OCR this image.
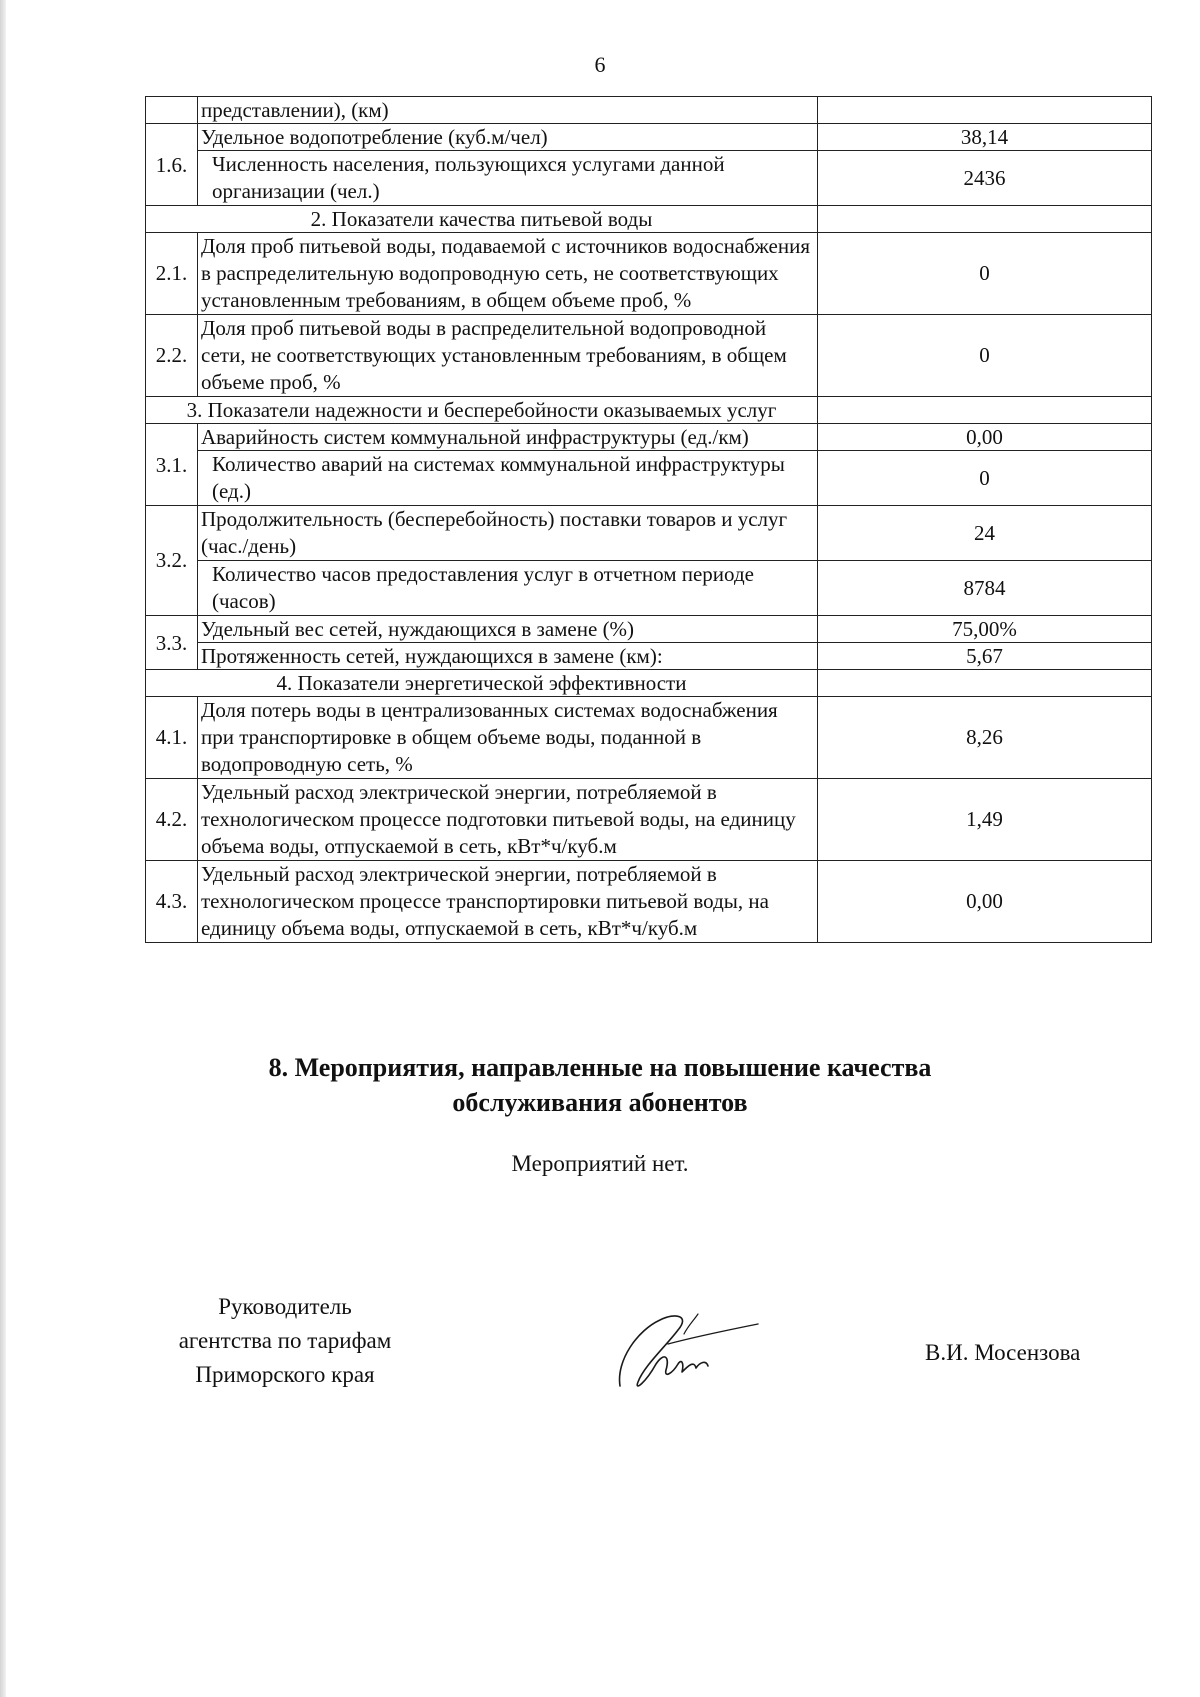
6
	представлении), (км)	
1.6.	Удельное водопотребление (куб.м/чел)	38,14
	Численность населения, пользующихся услугами данной организации (чел.)	2436
2. Показатели качества питьевой воды		
2.1.	Доля проб питьевой воды, подаваемой с источников водоснабжения в распределительную водопроводную сеть, не соответствующих установленным требованиям, в общем объеме проб, %	0
2.2.	Доля проб питьевой воды в распределительной водопроводной сети, не соответствующих установленным требованиям, в общем объеме проб, %	0
3. Показатели надежности и бесперебойности оказываемых услуг		
3.1.	Аварийность систем коммунальной инфраструктуры (ед./км)	0,00
	Количество аварий на системах коммунальной инфраструктуры (ед.)	0
3.2.	Продолжительность (бесперебойность) поставки товаров и услуг (час./день)	24
	Количество часов предоставления услуг в отчетном периоде (часов)	8784
3.3.	Удельный вес сетей, нуждающихся в замене (%)	75,00%
	Протяженность сетей, нуждающихся в замене (км):	5,67
4. Показатели энергетической эффективности		
4.1.	Доля потерь воды в централизованных системах водоснабжения при транспортировке в общем объеме воды, поданной в водопроводную сеть, %	8,26
4.2.	Удельный расход электрической энергии, потребляемой в технологическом процессе подготовки питьевой воды, на единицу объема воды, отпускаемой в сеть, кВт*ч/куб.м	1,49
4.3.	Удельный расход электрической энергии, потребляемой в технологическом процессе транспортировки питьевой воды, на единицу объема воды, отпускаемой в сеть, кВт*ч/куб.м	0,00
8. Мероприятия, направленные на повышение качества
обслуживания абонентов
Мероприятий нет.
Руководитель
агентства по тарифам
Приморского края
В.И. Мосензова
